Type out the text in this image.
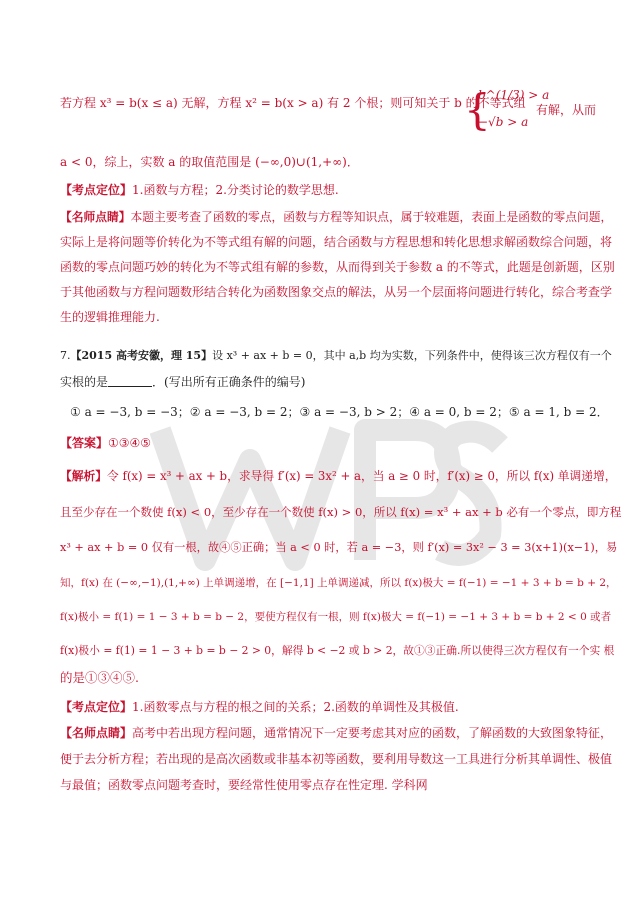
若方程 x³ = b(x ≤ a) 无解，方程 x² = b(x > a) 有 2 个根；则可知关于 b 的不等式组
{
b^(1/3) > a
−√b > a
有解，从而
a < 0，综上，实数 a 的取值范围是 (−∞,0)∪(1,+∞)．
【考点定位】1.函数与方程；2.分类讨论的数学思想.
【名师点睛】本题主要考查了函数的零点，函数与方程等知识点，属于较难题，表面上是函数的零点问题，
实际上是将问题等价转化为不等式组有解的问题，结合函数与方程思想和转化思想求解函数综合问题，将
函数的零点问题巧妙的转化为不等式组有解的参数，从而得到关于参数 a 的不等式，此题是创新题，区别
于其他函数与方程问题数形结合转化为函数图象交点的解法，从另一个层面将问题进行转化，综合考查学
生的逻辑推理能力.
7.【2015 高考安徽，理 15】设 x³ + ax + b = 0，其中 a,b 均为实数，下列条件中，使得该三次方程仅有一个
实根的是	．(写出所有正确条件的编号)
① a = −3, b = −3；② a = −3, b = 2；③ a = −3, b > 2；④ a = 0, b = 2；⑤ a = 1, b = 2．
【答案】①③④⑤
【解析】令 f(x) = x³ + ax + b，求导得 f′(x) = 3x² + a，当 a ≥ 0 时，f′(x) ≥ 0，所以 f(x) 单调递增，
且至少存在一个数使 f(x) < 0，至少存在一个数使 f(x) > 0，所以 f(x) = x³ + ax + b 必有一个零点，即方程
x³ + ax + b = 0 仅有一根，故④⑤正确；当 a < 0 时，若 a = −3，则 f′(x) = 3x² − 3 = 3(x+1)(x−1)，易
知，f(x) 在 (−∞,−1),(1,+∞) 上单调递增，在 [−1,1] 上单调递减，所以 f(x)极大 = f(−1) = −1 + 3 + b = b + 2，
f(x)极小 = f(1) = 1 − 3 + b = b − 2，要使方程仅有一根，则 f(x)极大 = f(−1) = −1 + 3 + b = b + 2 < 0 或者
f(x)极小 = f(1) = 1 − 3 + b = b − 2 > 0，解得 b < −2 或 b > 2，故①③正确.所以使得三次方程仅有一个实 根
的是①③④⑤.
【考点定位】1.函数零点与方程的根之间的关系；2.函数的单调性及其极值.
【名师点睛】高考中若出现方程问题，通常情况下一定要考虑其对应的函数，了解函数的大致图象特征，
便于去分析方程；若出现的是高次函数或非基本初等函数，要利用导数这一工具进行分析其单调性、极值
与最值；函数零点问题考查时，要经常性使用零点存在性定理. 学科网
